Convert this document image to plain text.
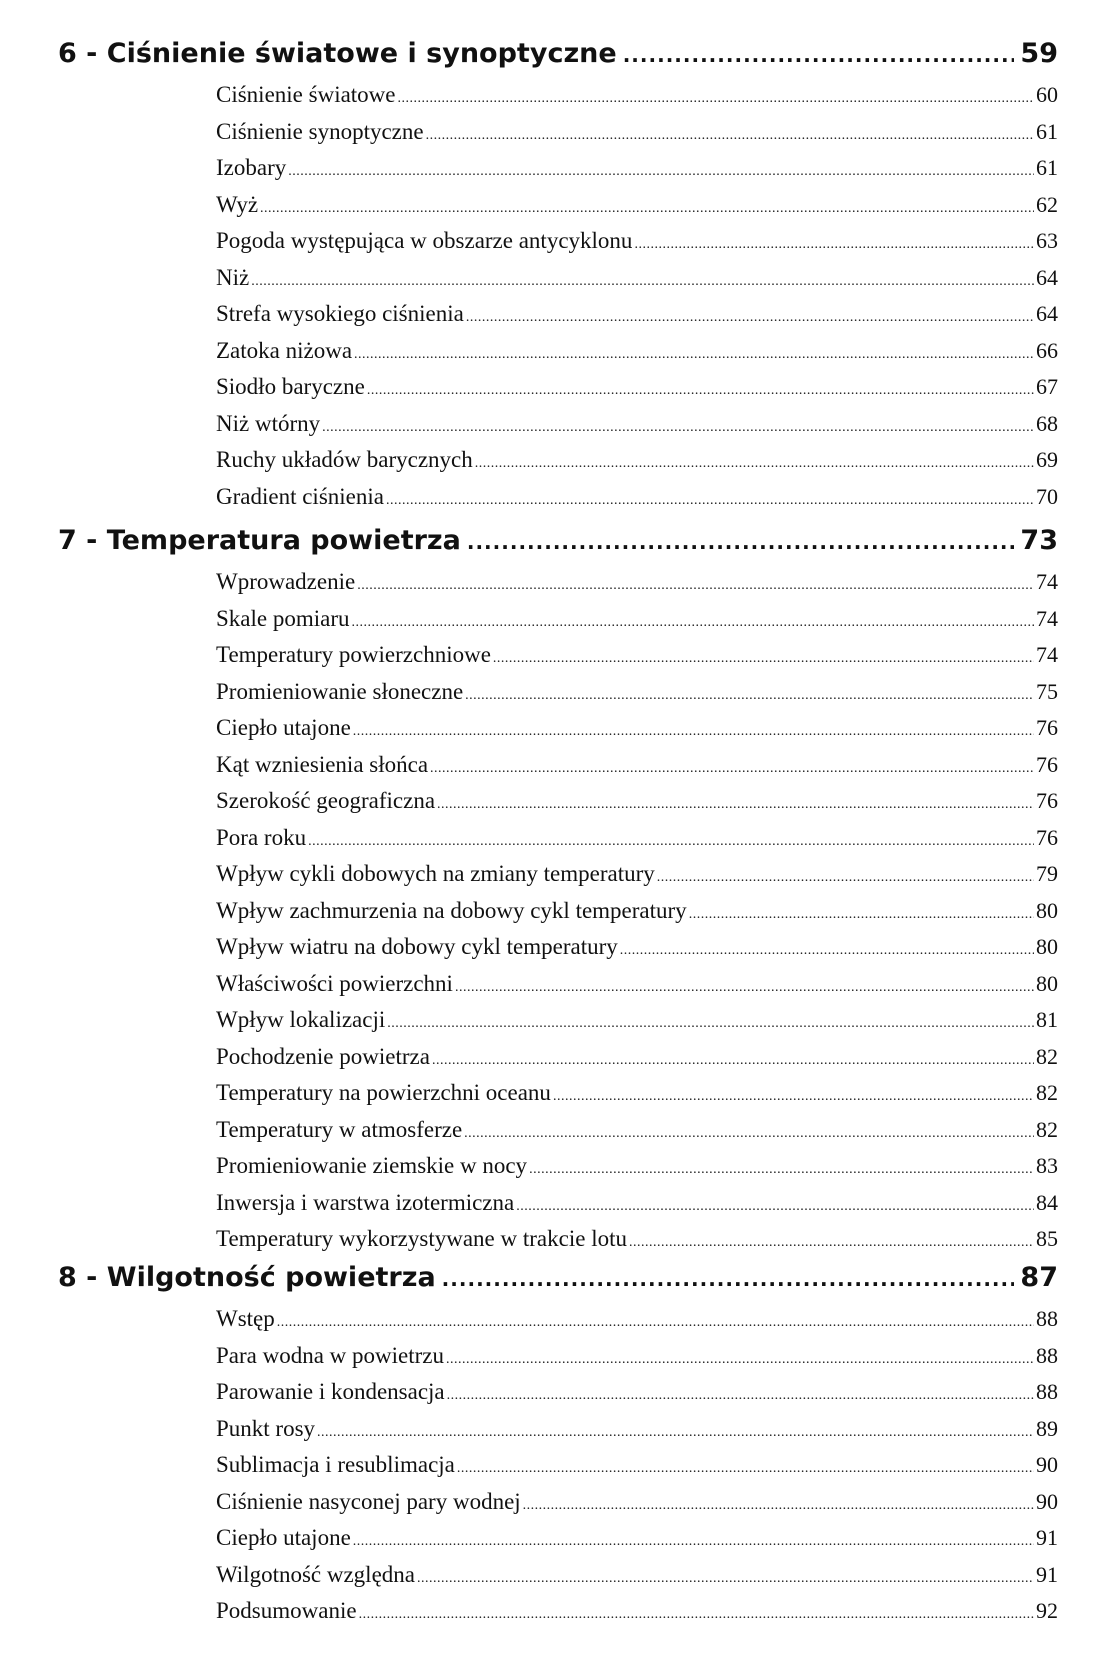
6 - Ciśnienie światowe i synoptyczne .....	59
Ciśnienie światowe .....	60
Ciśnienie synoptyczne .....	61
Izobary .....	61
Wyż .....	62
Pogoda występująca w obszarze antycyklonu .....	63
Niż .....	64
Strefa wysokiego ciśnienia .....	64
Zatoka niżowa .....	66
Siodło baryczne .....	67
Niż wtórny .....	68
Ruchy układów barycznych .....	69
Gradient ciśnienia .....	70
7 - Temperatura powietrza .....	73
Wprowadzenie .....	74
Skale pomiaru .....	74
Temperatury powierzchniowe .....	74
Promieniowanie słoneczne .....	75
Ciepło utajone .....	76
Kąt wzniesienia słońca .....	76
Szerokość geograficzna .....	76
Pora roku .....	76
Wpływ cykli dobowych na zmiany temperatury .....	79
Wpływ zachmurzenia na dobowy cykl temperatury .....	80
Wpływ wiatru na dobowy cykl temperatury .....	80
Właściwości powierzchni .....	80
Wpływ lokalizacji .....	81
Pochodzenie powietrza .....	82
Temperatury na powierzchni oceanu .....	82
Temperatury w atmosferze .....	82
Promieniowanie ziemskie w nocy .....	83
Inwersja i warstwa izotermiczna .....	84
Temperatury wykorzystywane w trakcie lotu .....	85
8 - Wilgotność powietrza .....	87
Wstęp .....	88
Para wodna w powietrzu .....	88
Parowanie i kondensacja .....	88
Punkt rosy .....	89
Sublimacja i resublimacja .....	90
Ciśnienie nasyconej pary wodnej .....	90
Ciepło utajone .....	91
Wilgotność względna .....	91
Podsumowanie .....	92
